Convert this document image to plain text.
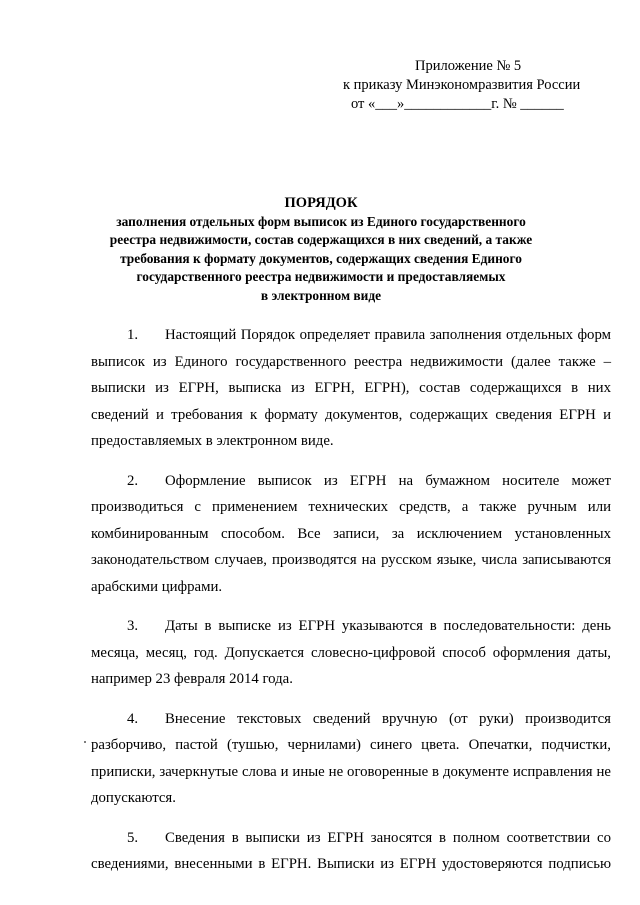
Приложение № 5
к приказу Минэкономразвития России
от «___»____________г. № ______
ПОРЯДОК
заполнения отдельных форм выписок из Единого государственного
реестра недвижимости, состав содержащихся в них сведений, а также
требования к формату документов, содержащих сведения Единого
государственного реестра недвижимости и предоставляемых
в электронном виде

1. Настоящий Порядок определяет правила заполнения отдельных форм выписок из Единого государственного реестра недвижимости (далее также – выписки из ЕГРН, выписка из ЕГРН, ЕГРН), состав содержащихся в них сведений и требования к формату документов, содержащих сведения ЕГРН и предоставляемых в электронном виде.

2. Оформление выписок из ЕГРН на бумажном носителе может производиться с применением технических средств, а также ручным или комбинированным способом. Все записи, за исключением установленных законодательством случаев, производятся на русском языке, числа записываются арабскими цифрами.

3. Даты в выписке из ЕГРН указываются в последовательности: день месяца, месяц, год. Допускается словесно-цифровой способ оформления даты, например 23 февраля 2014 года.

4. Внесение текстовых сведений вручную (от руки) производится разборчиво, пастой (тушью, чернилами) синего цвета. Опечатки, подчистки, приписки, зачеркнутые слова и иные не оговоренные в документе исправления не допускаются.

5. Сведения в выписки из ЕГРН заносятся в полном соответствии со сведениями, внесенными в ЕГРН. Выписки из ЕГРН удостоверяются подписью
